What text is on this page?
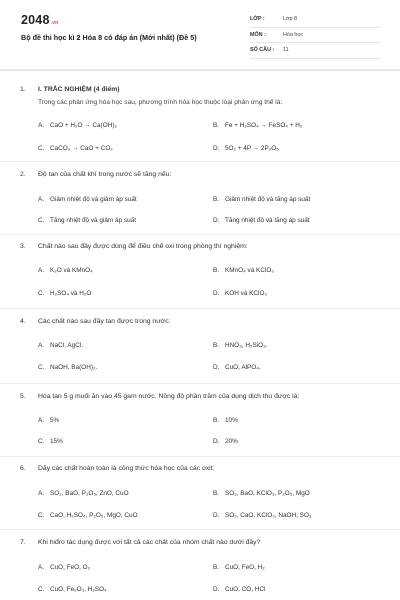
2048.vn
Bộ đề thi học kì 2 Hóa 8 có đáp án (Mới nhất) (Đề 5)
LỚP :	Lớp 8
MÔN :	Hóa học
SỐ CÂU :	11
1. I. TRẮC NGHIỆM (4 điểm)
Trong các phản ứng hóa học sau, phương trình hóa học thuộc loại phản ứng thế là:
A. CaO + H₂O → Ca(OH)₂	B. Fe + H₂SO₄ → FeSO₄ + H₂
C. CaCO₃ → CaO + CO₂	D. 5O₂ + 4P → 2P₂O₅
2. Độ tan của chất khí trong nước sẽ tăng nếu:
A. Giảm nhiệt độ và giảm áp suất	B. Giảm nhiệt độ và tăng áp suất
C. Tăng nhiệt độ và giảm áp suất	D. Tăng nhiệt độ và tăng áp suất
3. Chất nào sau đây được dùng để điều chế oxi trong phòng thí nghiệm:
A. K₂O và KMnO₄	B. KMnO₄ và KClO₃
C. H₂SO₄ và H₂O	D. KOH và KClO₃
4. Các chất nào sau đây tan được trong nước:
A. NaCl, AgCl.	B. HNO₃, H₂SiO₃.
C. NaOH, Ba(OH)₂.	D. CuO, AlPO₄.
5. Hòa tan 5 g muối ăn vào 45 gam nước. Nồng độ phần trăm của dung dịch thu được là:
A. 5%	B. 10%
C. 15%	D. 20%
6. Dãy các chất hoàn toàn là công thức hóa học của các oxit:
A. SO₂, BaO, P₂O₅, ZnO, CuO	B. SO₂, BaO, KClO₃, P₂O₅, MgO
C. CaO, H₂SO₄, P₂O₅, MgO, CuO	D. SO₂, CaO, KClO₃, NaOH, SO₃
7. Khi hiđro tác dụng được với tất cả các chất của nhóm chất nào dưới đây?
A. CuO, FeO, O₂	B. CuO, FeO, H₂
C. CuO, Fe₂O₃, H₂SO₄	D. CuO, CO, HCl
